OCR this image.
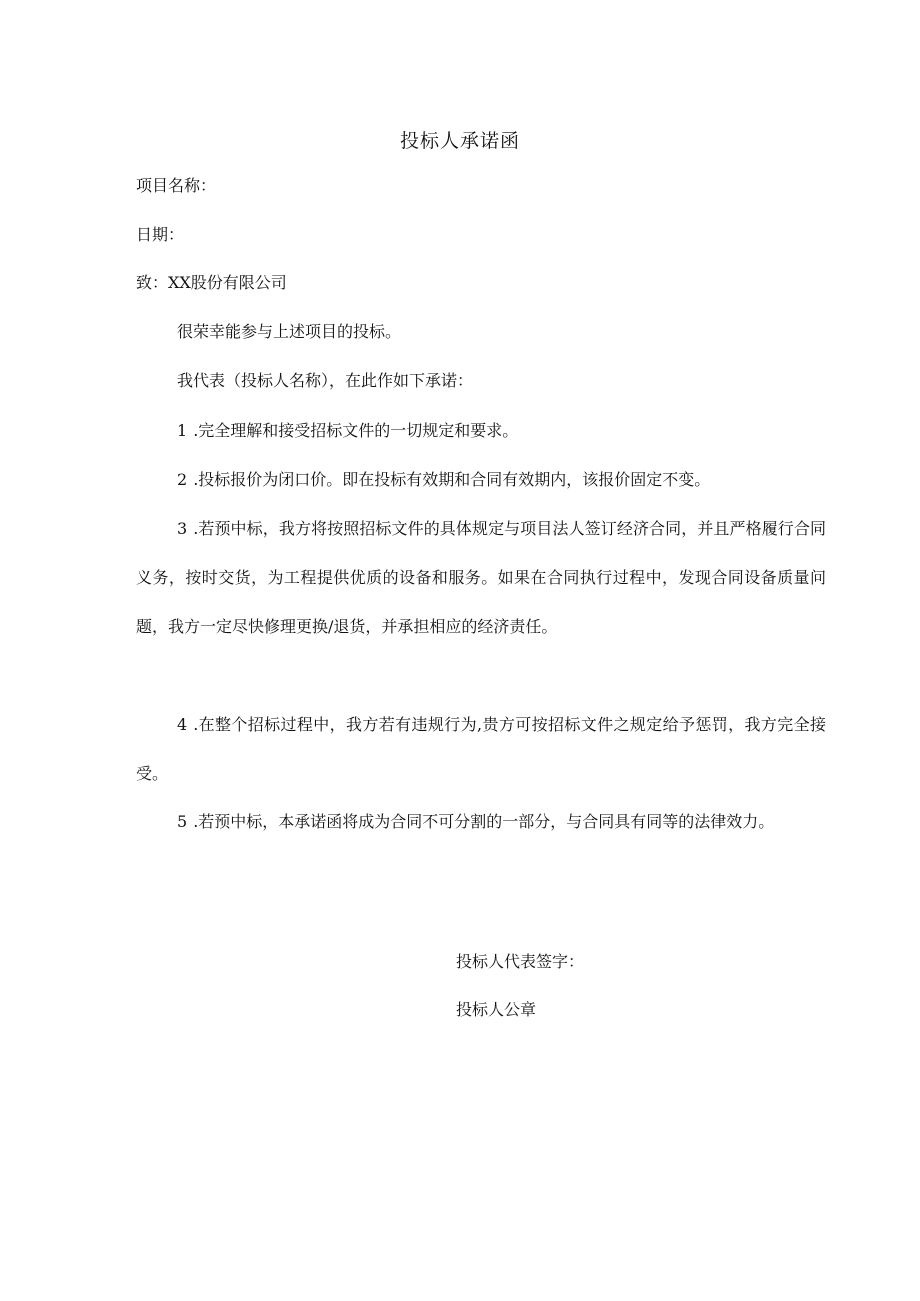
投标人承诺函
项目名称：
日期：
致：XX股份有限公司
很荣幸能参与上述项目的投标。
我代表（投标人名称），在此作如下承诺：
1 .完全理解和接受招标文件的一切规定和要求。
2 .投标报价为闭口价。即在投标有效期和合同有效期内，该报价固定不变。
3 .若预中标，我方将按照招标文件的具体规定与项目法人签订经济合同，并且严格履行合同义务，按时交货，为工程提供优质的设备和服务。如果在合同执行过程中，发现合同设备质量问题，我方一定尽快修理更换/退货，并承担相应的经济责任。
4 .在整个招标过程中，我方若有违规行为,贵方可按招标文件之规定给予惩罚，我方完全接受。
5 .若预中标，本承诺函将成为合同不可分割的一部分，与合同具有同等的法律效力。
投标人代表签字：
投标人公章
